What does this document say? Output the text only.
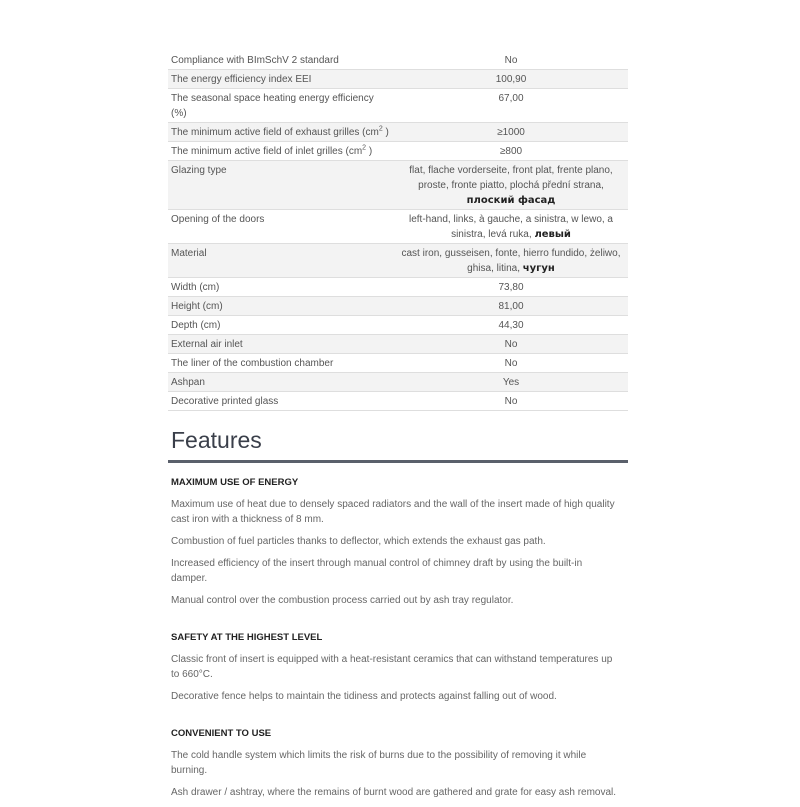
Compliance with BImSchV 2 standard	No
The energy efficiency index EEI	100,90
The seasonal space heating energy efficiency (%)	67,00
The minimum active field of exhaust grilles ($cm^2$ )	≥1000
The minimum active field of inlet grilles ($cm^2$ )	≥800
Glazing type	flat, flache vorderseite, front plat, frente plano, proste, fronte piatto, plochá přední strana,
плоский фасад
Opening of the doors	left-hand, links, à gauche, a sinistra, w lewo, a sinistra, levá ruka, левый
Material	cast iron, gusseisen, fonte, hierro fundido, żeliwo, ghisa, litina, чугун
Width (cm)	73,80
Height (cm)	81,00
Depth (cm)	44,30
External air inlet	No
The liner of the combustion chamber	No
Ashpan	Yes
Decorative printed glass	No
Features
MAXIMUM USE OF ENERGY

Maximum use of heat due to densely spaced radiators and the wall of the insert made of high quality cast iron with a thickness of 8 mm.

Combustion of fuel particles thanks to deflector, which extends the exhaust gas path.

Increased efficiency of the insert through manual control of chimney draft by using the built-in damper.

Manual control over the combustion process carried out by ash tray regulator.

SAFETY AT THE HIGHEST LEVEL

Classic front of insert is equipped with a heat-resistant ceramics that can withstand temperatures up to 660°C.

Decorative fence helps to maintain the tidiness and protects against falling out of wood.

CONVENIENT TO USE

The cold handle system which limits the risk of burns due to the possibility of removing it while burning.

Ash drawer / ashtray, where the remains of burnt wood are gathered and grate for easy ash removal.
